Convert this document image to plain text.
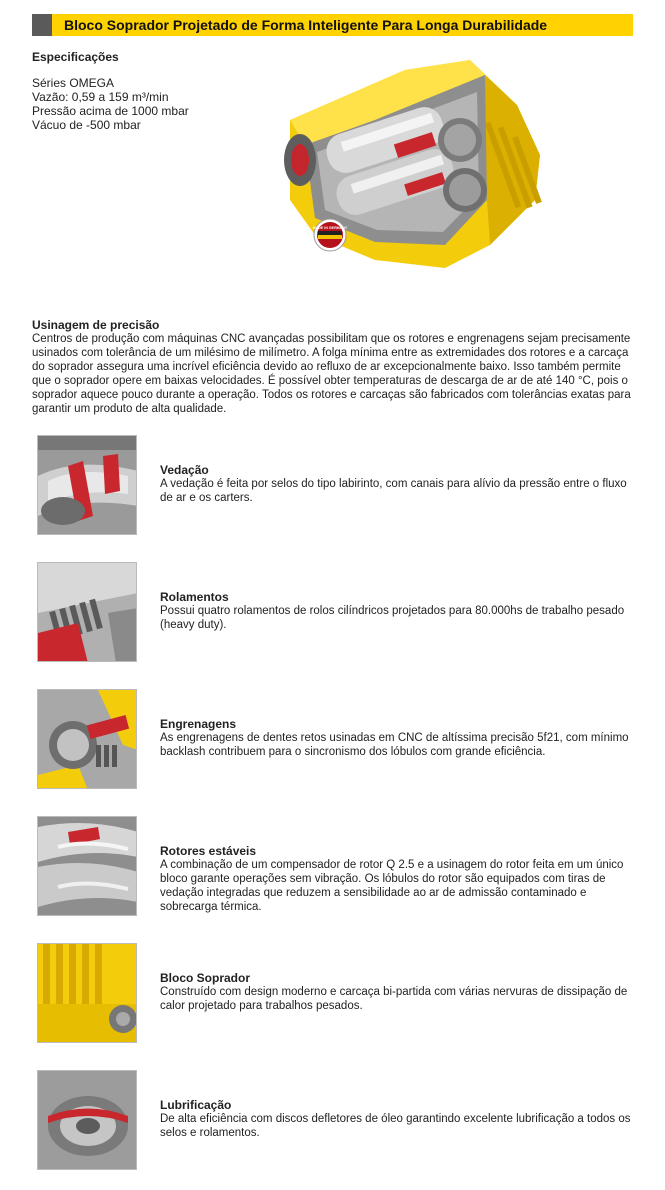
Bloco Soprador Projetado de Forma Inteligente Para Longa Durabilidade
Especificações

Séries OMEGA

Vazão: 0,59 a 159 m³/min

Pressão acima de 1000 mbar

Vácuo de -500 mbar

MADE IN GERMANY
Usinagem de precisão

Centros de produção com máquinas CNC avançadas possibilitam que os rotores e engrenagens sejam precisamente usinados com tolerância de um milésimo de milímetro. A folga mínima entre as extremidades dos rotores e a carcaça do soprador assegura uma incrível eficiência devido ao refluxo de ar excepcionalmente baixo. Isso também permite que o soprador opere em baixas velocidades. É possível obter temperaturas de descarga de ar de até 140 °C, pois o soprador aquece pouco durante a operação. Todos os rotores e carcaças são fabricados com tolerâncias exatas para garantir um produto de alta qualidade.

Vedação

A vedação é feita por selos do tipo labirinto, com canais para alívio da pressão entre o fluxo de ar e os carters.

Rolamentos

Possui quatro rolamentos de rolos cilíndricos projetados para 80.000hs de trabalho pesado (heavy duty).

Engrenagens

As engrenagens de dentes retos usinadas em CNC de altíssima precisão 5f21, com mínimo backlash contribuem para o sincronismo dos lóbulos com grande eficiência.

Rotores estáveis

A combinação de um compensador de rotor Q 2.5 e a usinagem do rotor feita em um único bloco garante operações sem vibração. Os lóbulos do rotor são equipados com tiras de vedação integradas que reduzem a sensibilidade ao ar de admissão contaminado e sobrecarga térmica.

Bloco Soprador

Construído com design moderno e carcaça bi-partida com várias nervuras de dissipação de calor projetado para trabalhos pesados.

Lubrificação

De alta eficiência com discos defletores de óleo garantindo excelente lubrificação a todos os selos e rolamentos.
